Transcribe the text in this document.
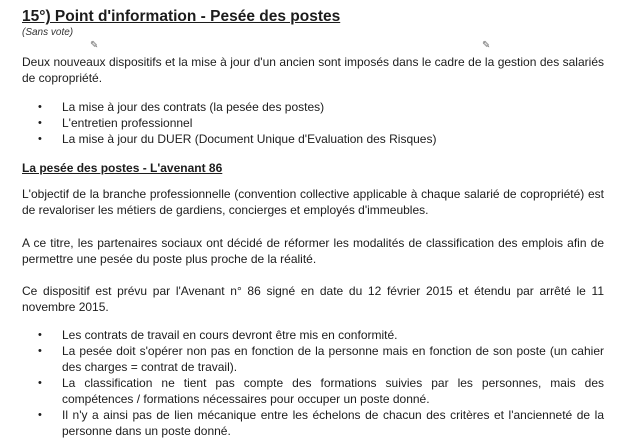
15°) Point d'information - Pesée des postes
(Sans vote)
✎	✎
Deux nouveaux dispositifs et la mise à jour d'un ancien sont imposés dans le cadre de la gestion des salariés de copropriété.
• La mise à jour des contrats (la pesée des postes)
• L'entretien professionnel
• La mise à jour du DUER (Document Unique d'Evaluation des Risques)
La pesée des postes - L'avenant 86
L'objectif de la branche professionnelle (convention collective applicable à chaque salarié de copropriété) est de revaloriser les métiers de gardiens, concierges et employés d'immeubles.
A ce titre, les partenaires sociaux ont décidé de réformer les modalités de classification des emplois afin de permettre une pesée du poste plus proche de la réalité.
Ce dispositif est prévu par l'Avenant n° 86 signé en date du 12 février 2015 et étendu par arrêté le 11 novembre 2015.
• Les contrats de travail en cours devront être mis en conformité.
• La pesée doit s'opérer non pas en fonction de la personne mais en fonction de son poste (un cahier des charges = contrat de travail).
• La classification ne tient pas compte des formations suivies par les personnes, mais des compétences / formations nécessaires pour occuper un poste donné.
• Il n'y a ainsi pas de lien mécanique entre les échelons de chacun des critères et l'ancienneté de la personne dans un poste donné.
